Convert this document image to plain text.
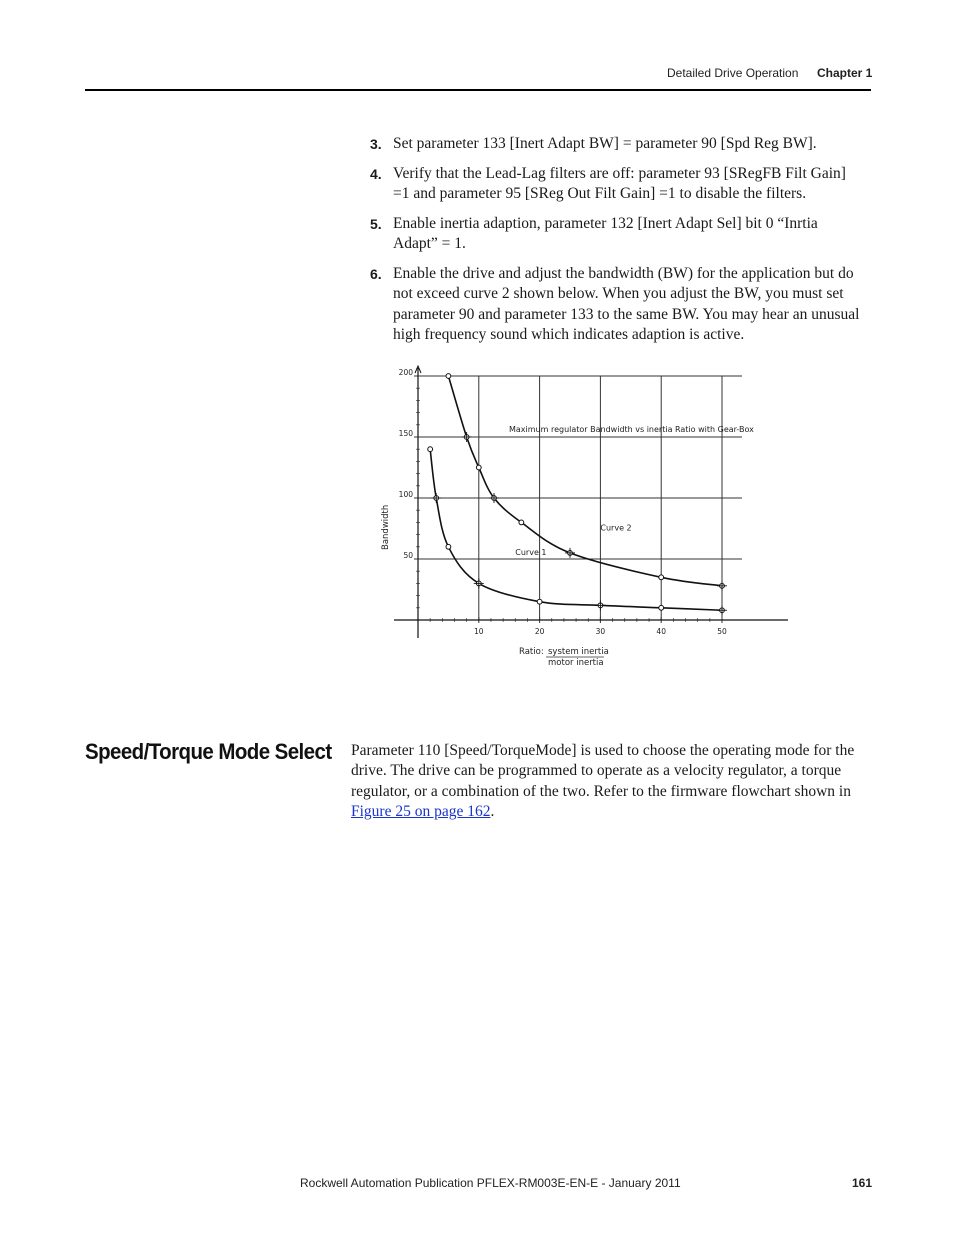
Detailed Drive Operation Chapter 1
3. Set parameter 133 [Inert Adapt BW] = parameter 90 [Spd Reg BW].
4. Verify that the Lead-Lag filters are off: parameter 93 [SRegFB Filt Gain] =1 and parameter 95 [SReg Out Filt Gain] =1 to disable the filters.
5. Enable inertia adaption, parameter 132 [Inert Adapt Sel] bit 0 “Inrtia Adapt” = 1.
6. Enable the drive and adjust the bandwidth (BW) for the application but do not exceed curve 2 shown below. When you adjust the BW, you must set parameter 90 and parameter 133 to the same BW. You may hear an unusual high frequency sound which indicates adaption is active.
10	20	30	40	50
50
100
150
200
Curve 1
Curve 2
Maximum regulator Bandwidth vs inertia Ratio with Gear-Box
Bandwidth
Ratio: system inertia
motor inertia
Speed/Torque Mode Select Parameter 110 [Speed/TorqueMode] is used to choose the operating mode for the drive. The drive can be programmed to operate as a velocity regulator, a torque regulator, or a combination of the two. Refer to the firmware flowchart shown in Figure 25 on page 162.

Rockwell Automation Publication PFLEX-RM003E-EN-E - January 2011	161
